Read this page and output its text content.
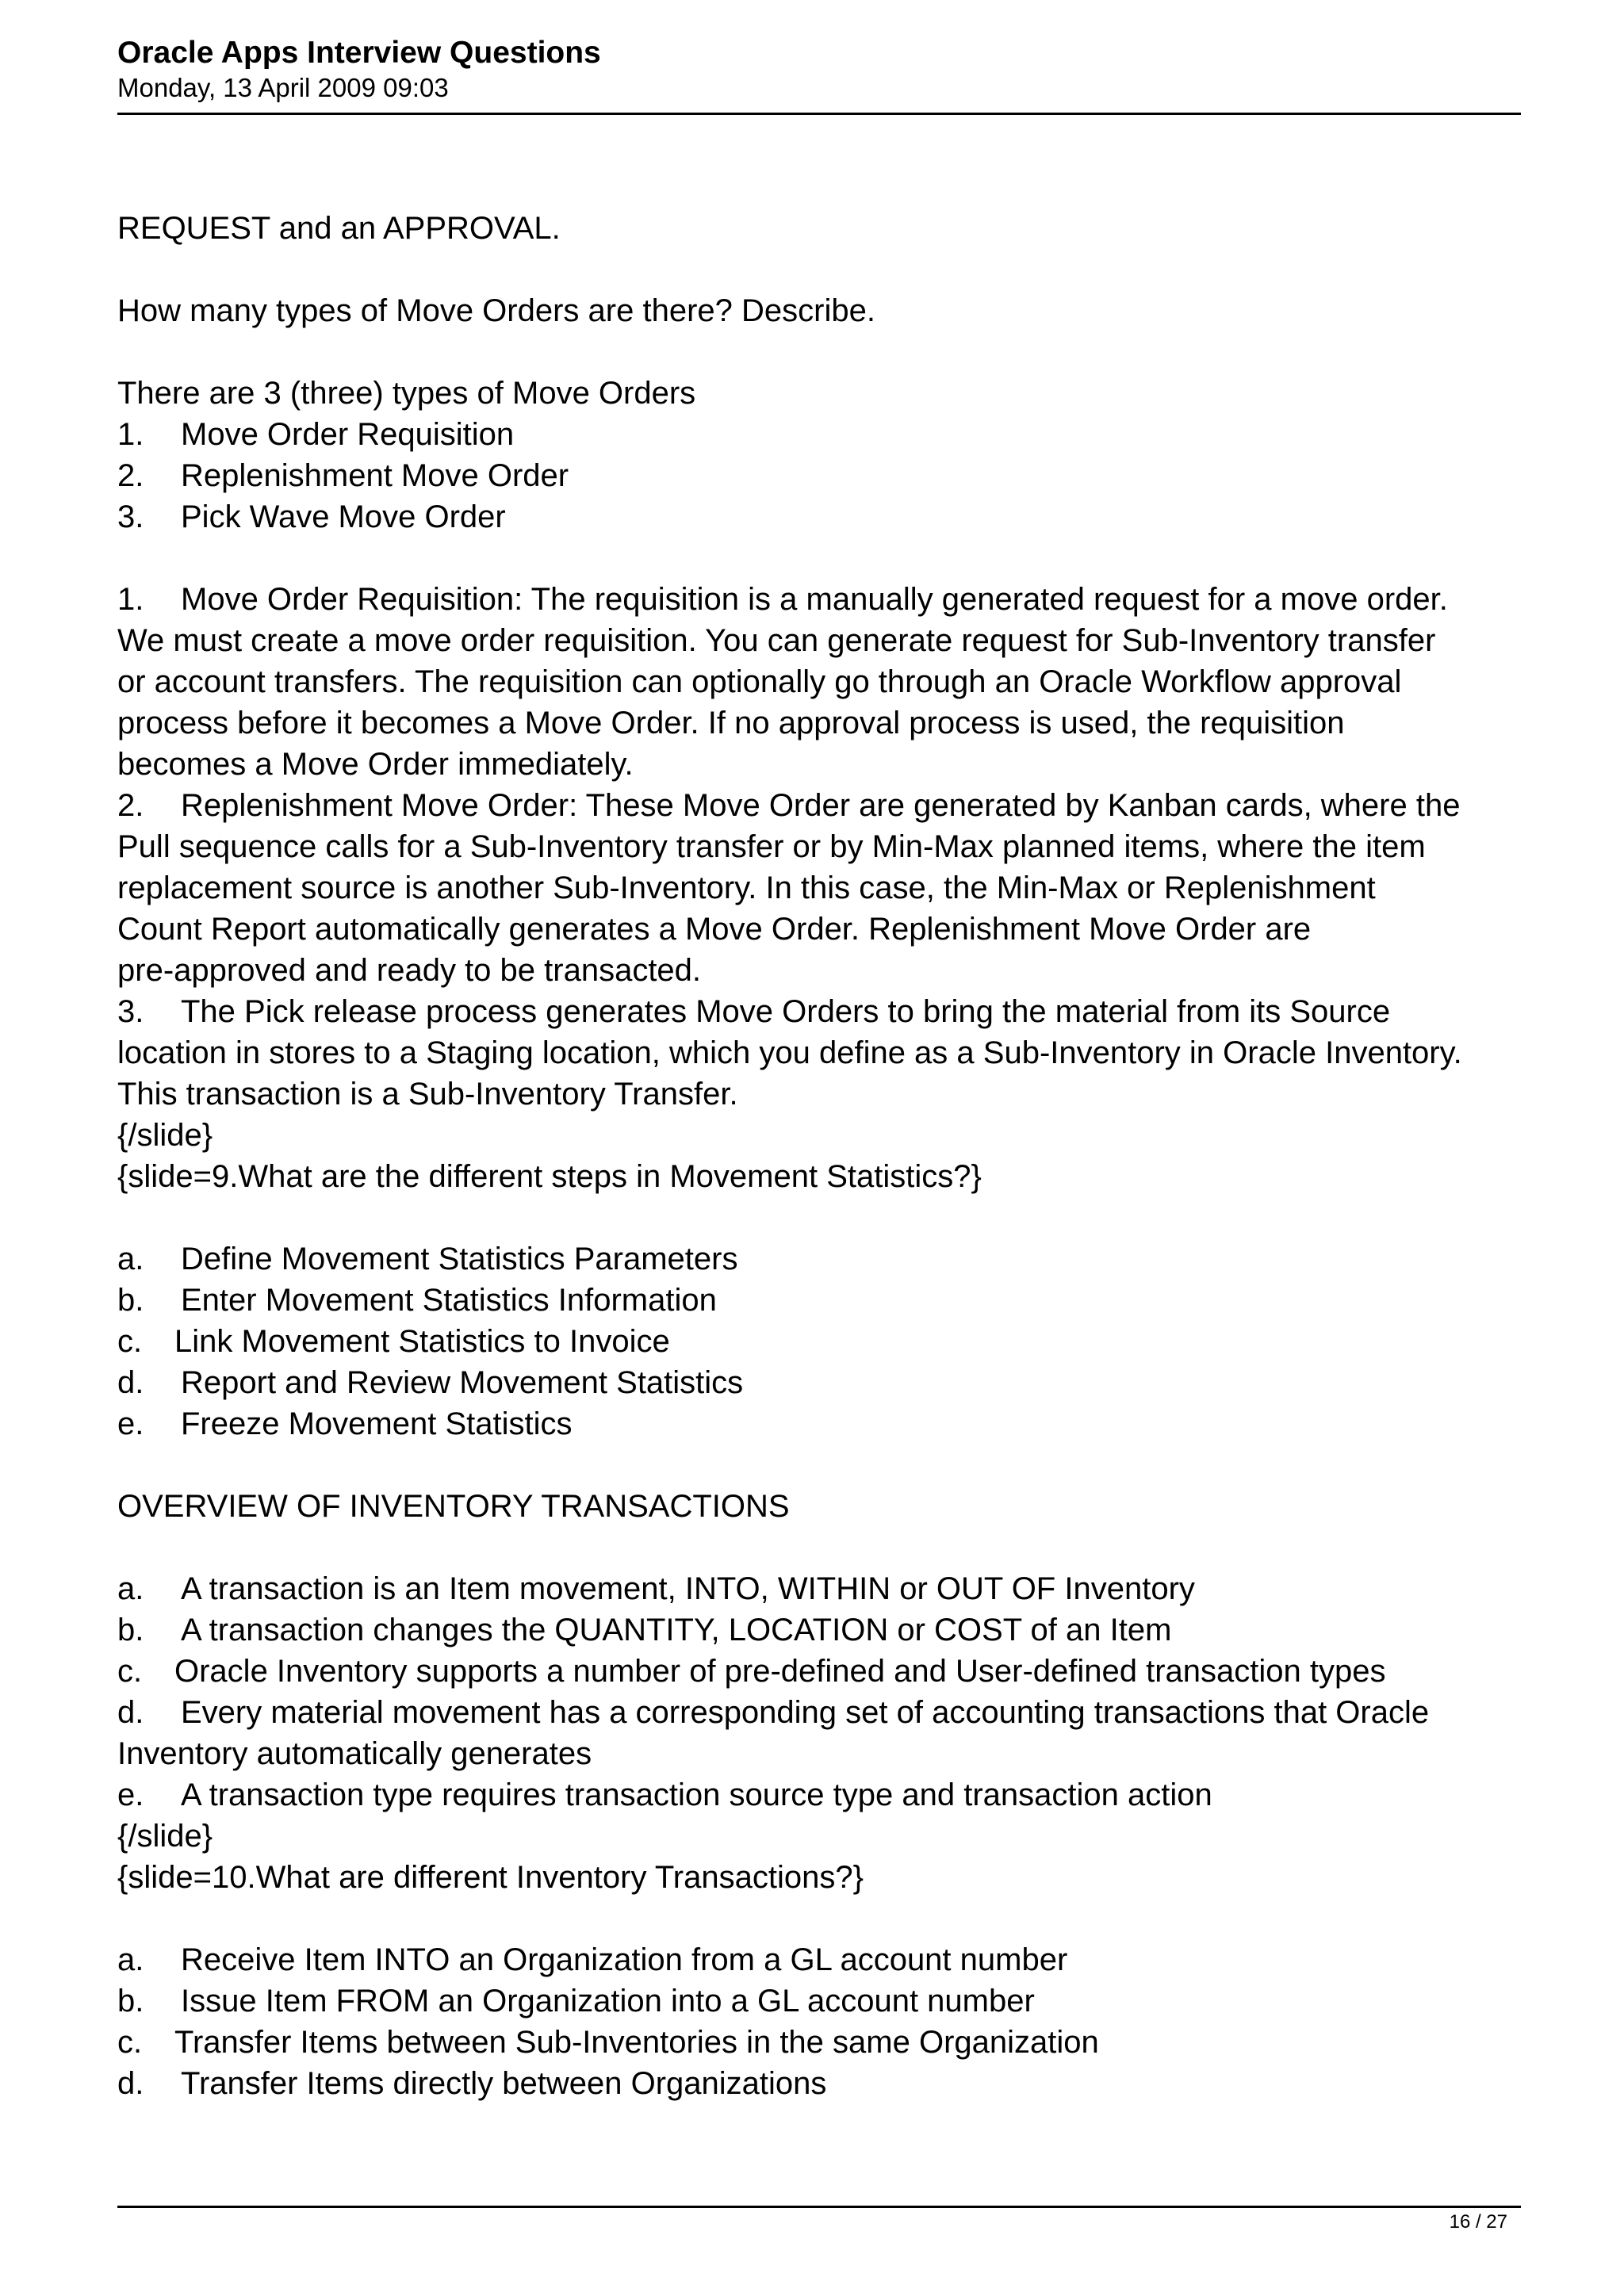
Oracle Apps Interview Questions
Monday, 13 April 2009 09:03
REQUEST and an APPROVAL.
How many types of Move Orders are there? Describe.
There are 3 (three) types of Move Orders
1. Move Order Requisition
2. Replenishment Move Order
3. Pick Wave Move Order
1. Move Order Requisition: The requisition is a manually generated request for a move order.
We must create a move order requisition. You can generate request for Sub-Inventory transfer
or account transfers. The requisition can optionally go through an Oracle Workflow approval
process before it becomes a Move Order. If no approval process is used, the requisition
becomes a Move Order immediately.
2. Replenishment Move Order: These Move Order are generated by Kanban cards, where the
Pull sequence calls for a Sub-Inventory transfer or by Min-Max planned items, where the item
replacement source is another Sub-Inventory. In this case, the Min-Max or Replenishment
Count Report automatically generates a Move Order. Replenishment Move Order are
pre-approved and ready to be transacted.
3. The Pick release process generates Move Orders to bring the material from its Source
location in stores to a Staging location, which you define as a Sub-Inventory in Oracle Inventory.
This transaction is a Sub-Inventory Transfer.
{/slide}
{slide=9.What are the different steps in Movement Statistics?}
a. Define Movement Statistics Parameters
b. Enter Movement Statistics Information
c. Link Movement Statistics to Invoice
d. Report and Review Movement Statistics
e. Freeze Movement Statistics
OVERVIEW OF INVENTORY TRANSACTIONS
a. A transaction is an Item movement, INTO, WITHIN or OUT OF Inventory
b. A transaction changes the QUANTITY, LOCATION or COST of an Item
c. Oracle Inventory supports a number of pre-defined and User-defined transaction types
d. Every material movement has a corresponding set of accounting transactions that Oracle
Inventory automatically generates
e. A transaction type requires transaction source type and transaction action
{/slide}
{slide=10.What are different Inventory Transactions?}
a. Receive Item INTO an Organization from a GL account number
b. Issue Item FROM an Organization into a GL account number
c. Transfer Items between Sub-Inventories in the same Organization
d. Transfer Items directly between Organizations
16 / 27
